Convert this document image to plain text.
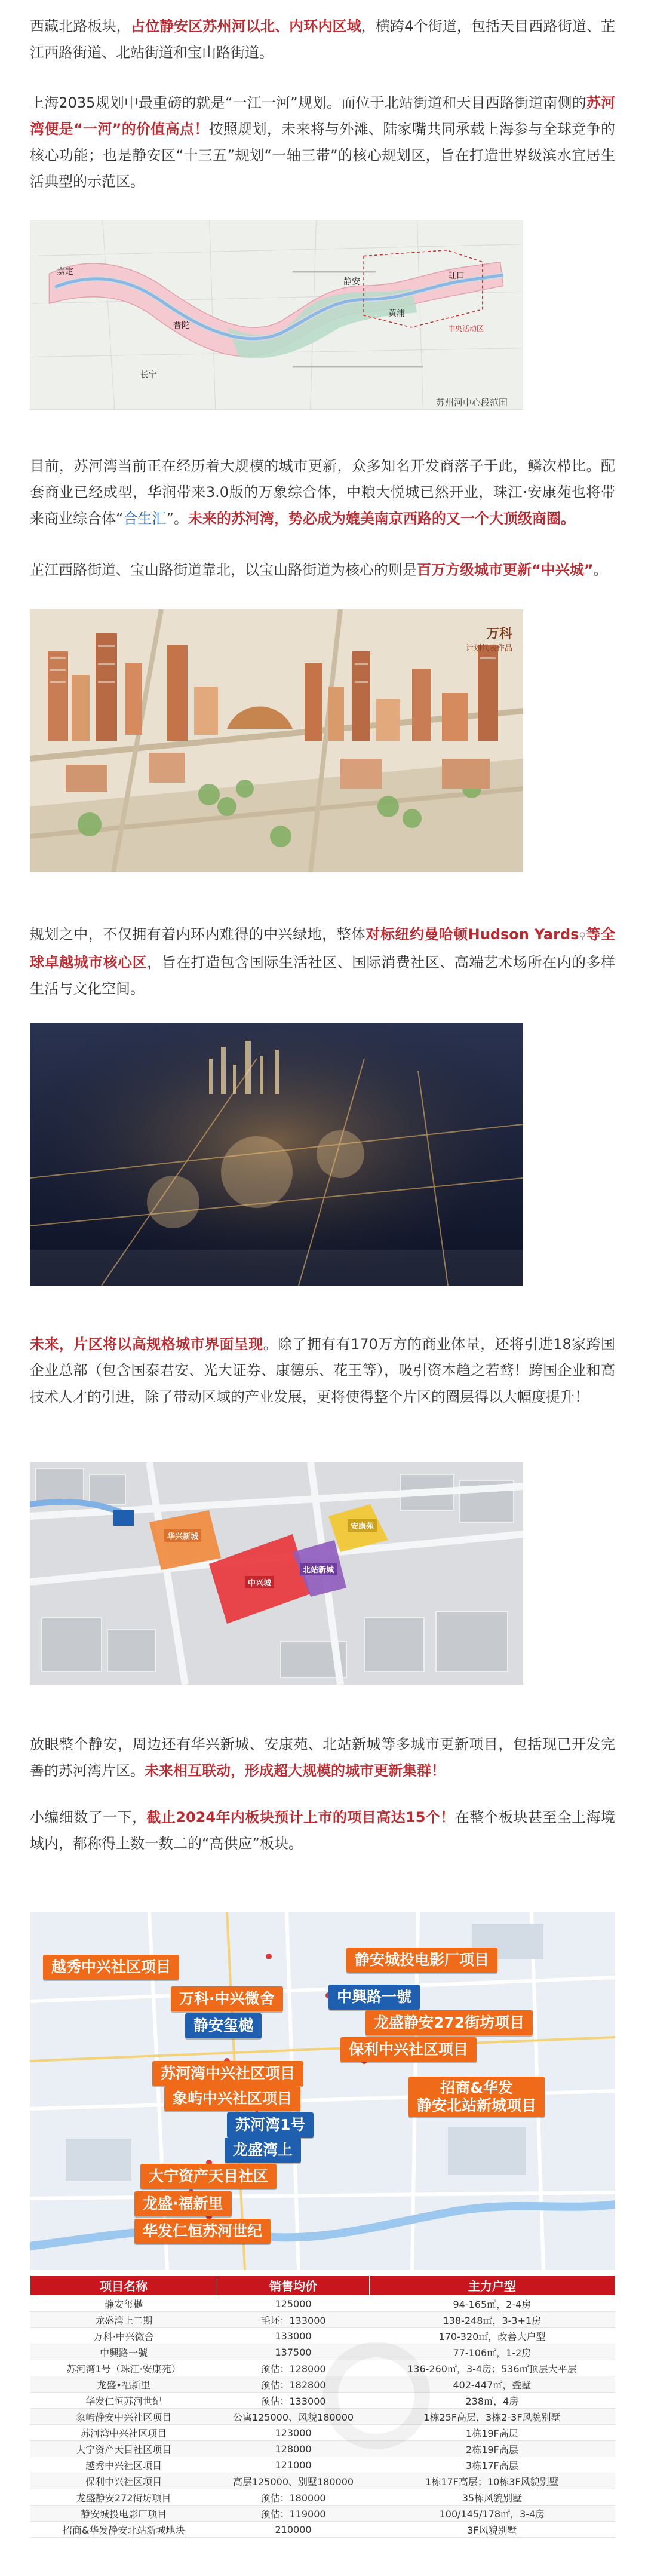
西藏北路板块，占位静安区苏州河以北、内环内区域，横跨4个街道，包括天目西路街道、芷江西路街道、北站街道和宝山路街道。

上海2035规划中最重磅的就是“一江一河”规划。而位于北站街道和天目西路街道南侧的苏河湾便是“一河”的价值高点！按照规划，未来将与外滩、陆家嘴共同承载上海参与全球竞争的核心功能；也是静安区“十三五”规划“一轴三带”的核心规划区，旨在打造世界级滨水宜居生活典型的示范区。

嘉定
普陀
长宁
静安
黄浦
虹口
中央活动区
苏州河中心段范围

目前，苏河湾当前正在经历着大规模的城市更新，众多知名开发商落子于此，鳞次栉比。配套商业已经成型，华润带来3.0版的万象综合体，中粮大悦城已然开业，珠江·安康苑也将带来商业综合体“合生汇”。未来的苏河湾，势必成为媲美南京西路的又一个大顶级商圈。

芷江西路街道、宝山路街道靠北，以宝山路街道为核心的则是百万方级城市更新“中兴城”。

万科
计划代表作品

规划之中，不仅拥有着内环内难得的中兴绿地，整体对标纽约曼哈顿Hudson Yards⚲等全球卓越城市核心区，旨在打造包含国际生活社区、国际消费社区、高端艺术场所在内的多样生活与文化空间。

未来，片区将以高规格城市界面呈现。除了拥有有170万方的商业体量，还将引进18家跨国企业总部（包含国泰君安、光大证券、康德乐、花王等），吸引资本趋之若鹜！跨国企业和高技术人才的引进，除了带动区域的产业发展，更将使得整个片区的圈层得以大幅度提升！

华兴新城
安康苑
中兴城
北站新城

放眼整个静安，周边还有华兴新城、安康苑、北站新城等多城市更新项目，包括现已开发完善的苏河湾片区。未来相互联动，形成超大规模的城市更新集群！

小编细数了一下，截止2024年内板块预计上市的项目高达15个！在整个板块甚至全上海境域内，都称得上数一数二的“高供应”板块。

越秀中兴社区项目	静安城投电影厂项目
万科·中兴微舍	中興路一號
静安玺樾	龙盛静安272街坊项目
保利中兴社区项目
苏河湾中兴社区项目
象屿中兴社区项目
招商&华发
静安北站新城项目
苏河湾1号
龙盛湾上
大宁资产天目社区
龙盛·福新里
华发仁恒苏河世纪
项目名称	销售均价	主力户型
静安玺樾	125000	94-165㎡，2-4房
龙盛湾上二期	毛坯：133000	138-248㎡，3-3+1房
万科·中兴微舍	133000	170-320㎡，改善大户型
中興路一號	137500	77-106㎡，1-2房
苏河湾1号（珠江·安康苑）	预估：128000	136-260㎡，3-4房；536㎡顶层大平层
龙盛•福新里	预估：182800	402-447㎡，叠墅
华发仁恒苏河世纪	预估：133000	238㎡，4房
象屿静安中兴社区项目	公寓125000、风貌180000	1栋25F高层，3栋2-3F风貌别墅
苏河湾中兴社区项目	123000	1栋19F高层
大宁资产天目社区项目	128000	2栋19F高层
越秀中兴社区项目	121000	3栋17F高层
保利中兴社区项目	高层125000、别墅180000	1栋17F高层；10栋3F风貌别墅
龙盛静安272街坊项目	预估：180000	35栋风貌别墅
静安城投电影厂项目	预估：119000	100/145/178㎡，3-4房
招商&华发静安北站新城地块	210000	3F风貌别墅
